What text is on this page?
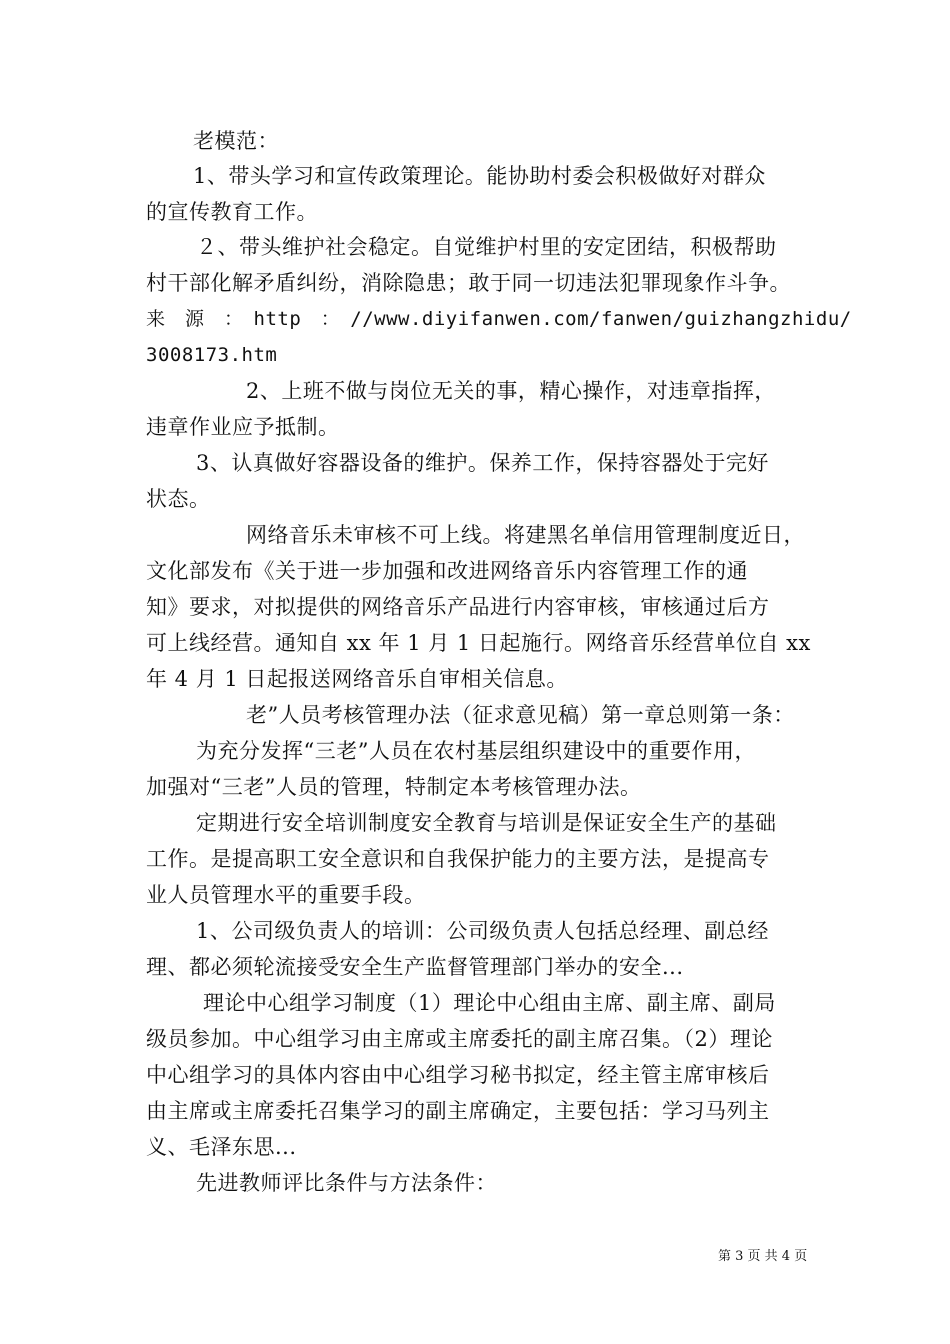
老模范：
1、带头学习和宣传政策理论。能协助村委会积极做好对群众
的宣传教育工作。
２、带头维护社会稳定。自觉维护村里的安定团结，积极帮助
村干部化解矛盾纠纷，消除隐患；敢于同一切违法犯罪现象作斗争。
来　源　：　http　：　//www.diyifanwen.com/fanwen/guizhangzhidu/
3008173.htm
2、上班不做与岗位无关的事，精心操作，对违章指挥，
违章作业应予抵制。
3、认真做好容器设备的维护。保养工作，保持容器处于完好
状态。
网络音乐未审核不可上线。将建黑名单信用管理制度近日，
文化部发布《关于进一步加强和改进网络音乐内容管理工作的通
知》要求，对拟提供的网络音乐产品进行内容审核，审核通过后方
可上线经营。通知自 xx 年 1 月 1 日起施行。网络音乐经营单位自 xx
年 4 月 1 日起报送网络音乐自审相关信息。
老”人员考核管理办法（征求意见稿）第一章总则第一条：
为充分发挥“三老”人员在农村基层组织建设中的重要作用，
加强对“三老”人员的管理，特制定本考核管理办法。
定期进行安全培训制度安全教育与培训是保证安全生产的基础
工作。是提高职工安全意识和自我保护能力的主要方法，是提高专
业人员管理水平的重要手段。
1、公司级负责人的培训：公司级负责人包括总经理、副总经
理、都必须轮流接受安全生产监督管理部门举办的安全...
理论中心组学习制度（1）理论中心组由主席、副主席、副局
级员参加。中心组学习由主席或主席委托的副主席召集。（2）理论
中心组学习的具体内容由中心组学习秘书拟定，经主管主席审核后
由主席或主席委托召集学习的副主席确定，主要包括：学习马列主
义、毛泽东思...
先进教师评比条件与方法条件：
第 3 页 共 4 页
